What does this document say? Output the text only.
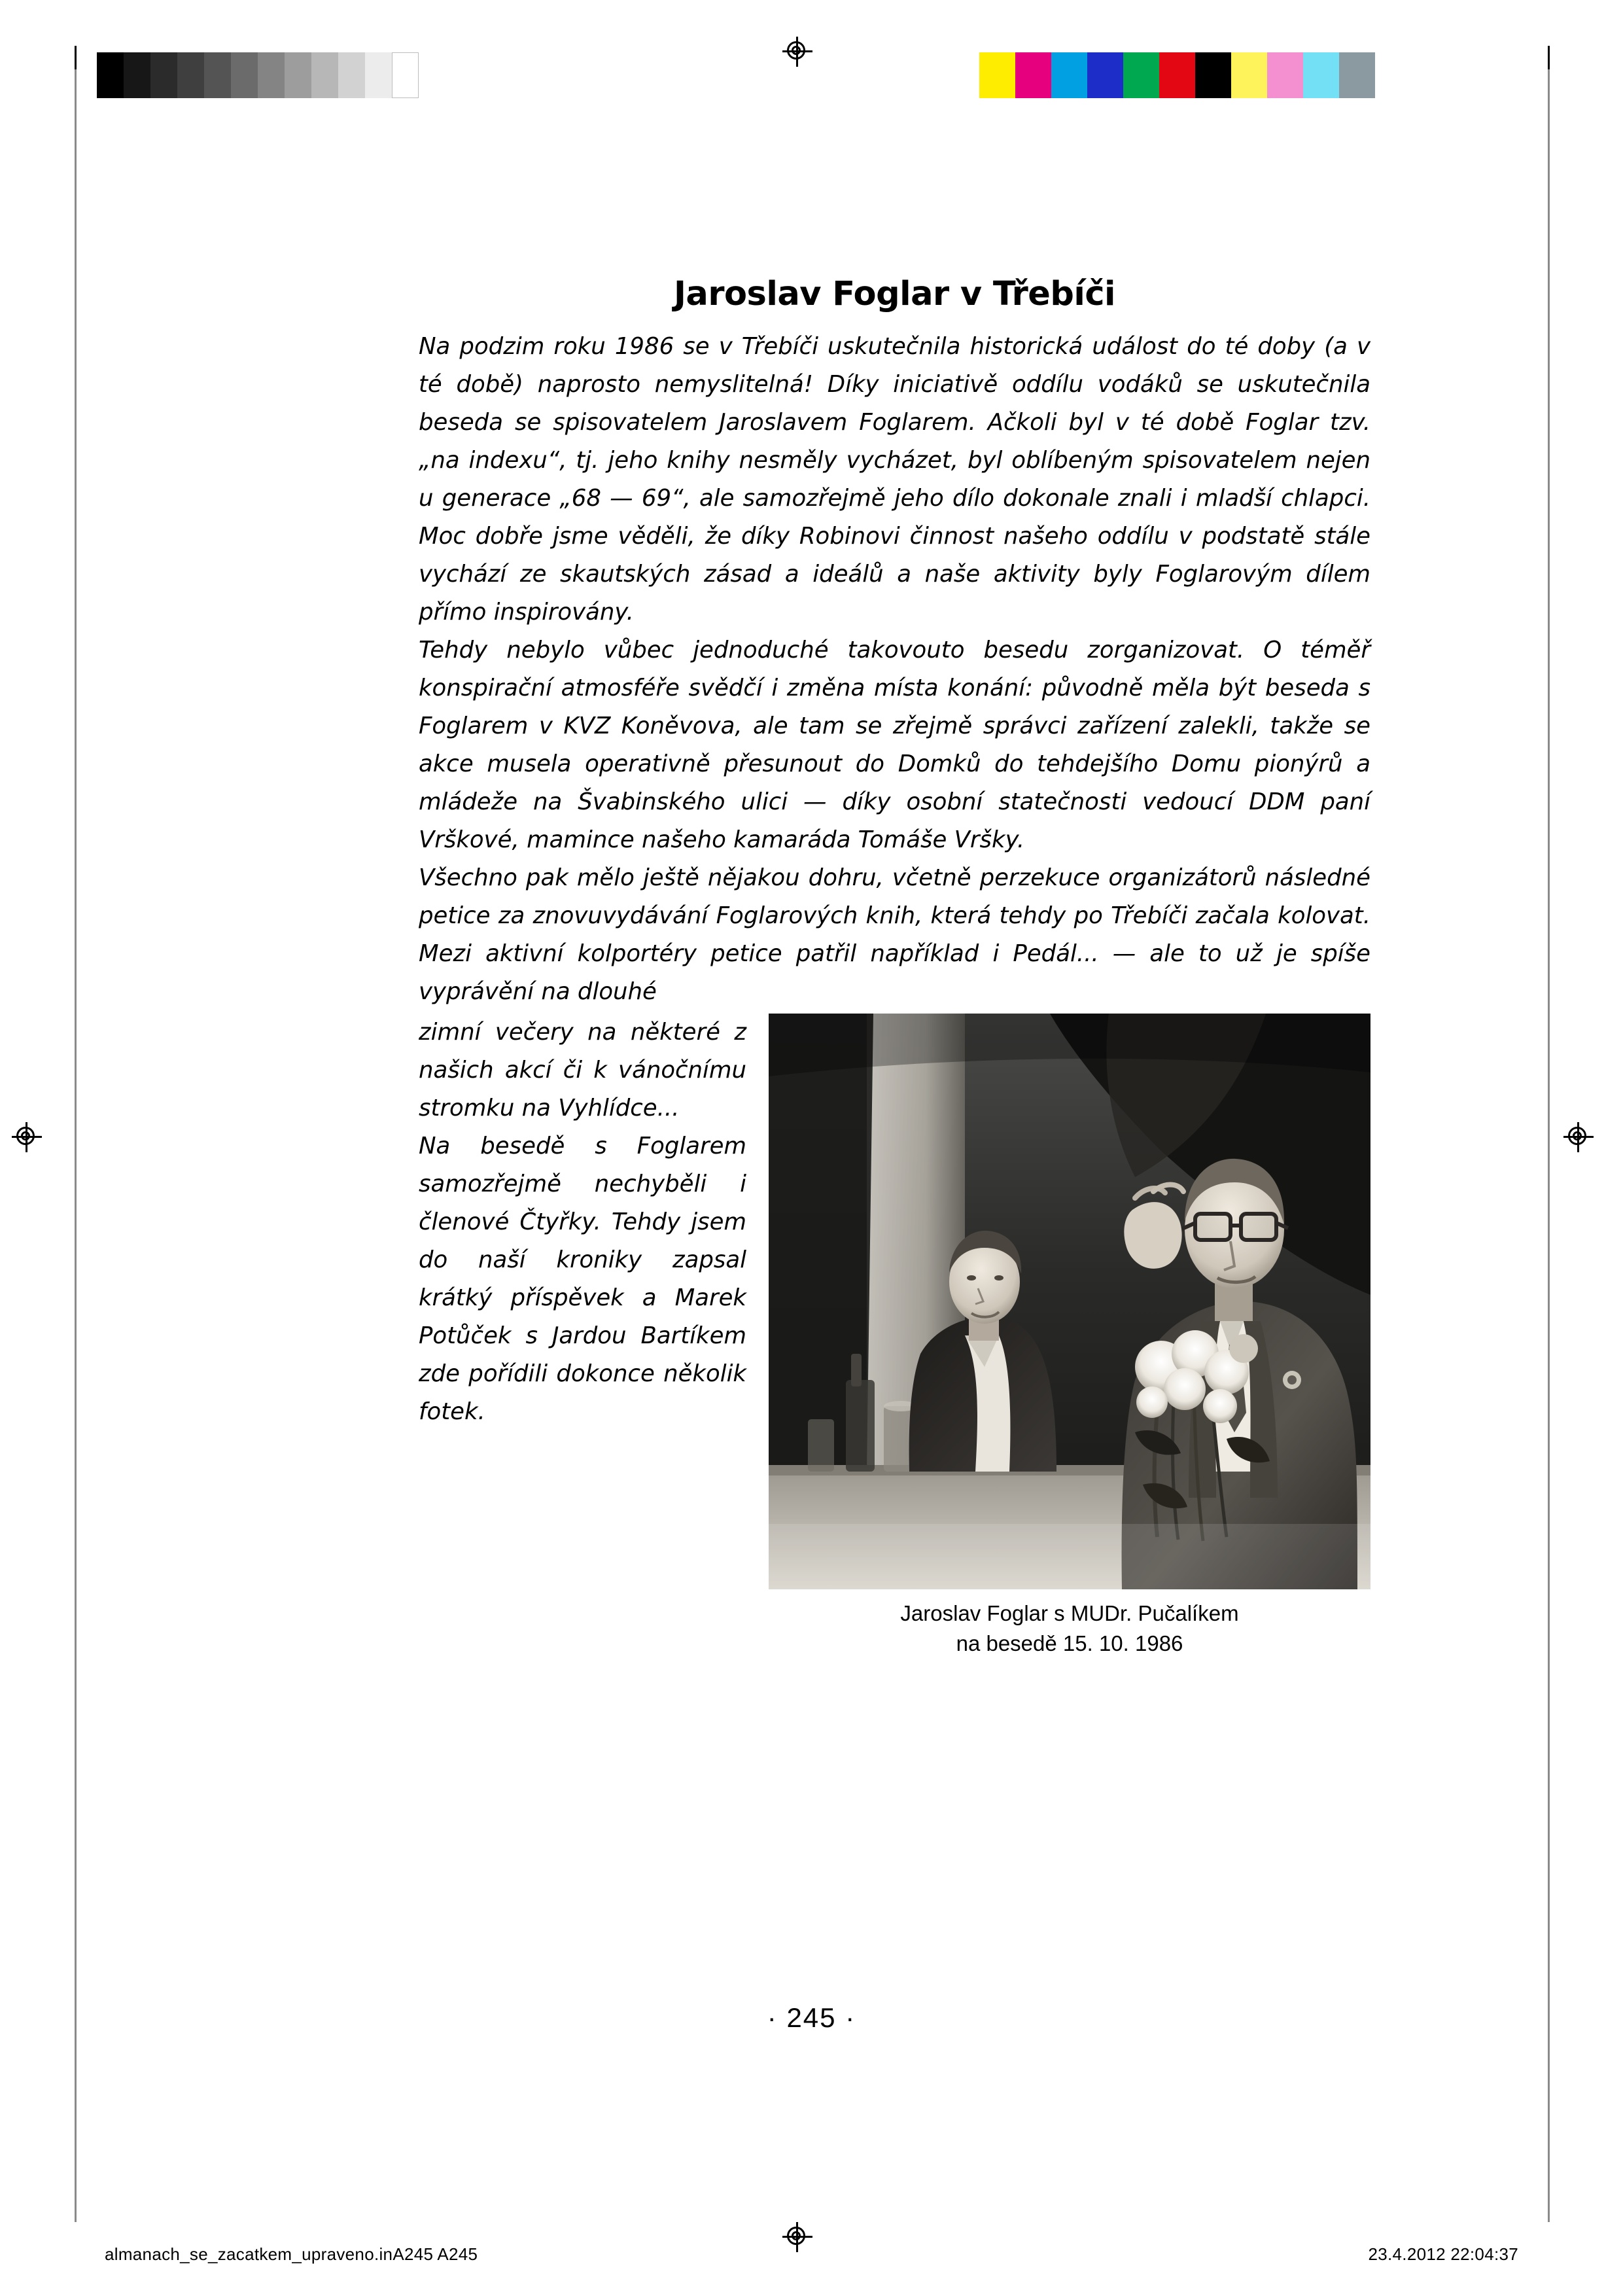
Jaroslav Foglar v Třebíči

Na podzim roku 1986 se v Třebíči uskutečnila historická událost do té doby (a v té době) naprosto nemyslitelná! Díky iniciativě oddílu vodáků se uskutečnila beseda se spisovatelem Jaroslavem Foglarem. Ačkoli byl v té době Foglar tzv. „na indexu“, tj. jeho knihy nesměly vycházet, byl oblíbeným spisovatelem nejen u generace „68 — 69“, ale samozřejmě jeho dílo dokonale znali i mladší chlapci. Moc dobře jsme věděli, že díky Robinovi činnost našeho oddílu v podstatě stále vychází ze skautských zásad a ideálů a naše aktivity byly Foglarovým dílem přímo inspirovány.

Tehdy nebylo vůbec jednoduché takovouto besedu zorganizovat. O téměř konspirační atmosféře svědčí i změna místa konání: původně měla být beseda s Foglarem v KVZ Koněvova, ale tam se zřejmě správci zařízení zalekli, takže se akce musela operativně přesunout do Domků do tehdejšího Domu pionýrů a mládeže na Švabinského ulici — díky osobní statečnosti vedoucí DDM paní Vrškové, mamince našeho kamaráda Tomáše Vršky.

Všechno pak mělo ještě nějakou dohru, včetně perzekuce organizátorů následné petice za znovuvydávání Foglarových knih, která tehdy po Třebíči začala kolovat. Mezi aktivní kolportéry petice patřil například i Pedál... — ale to už je spíše vyprávění na dlouhé

Jaroslav Foglar s MUDr. Pučalíkem
na besedě 15. 10. 1986

zimní večery na některé z našich akcí či k vánočnímu stromku na Vyhlídce...

Na besedě s Foglarem samozřejmě nechyběli i členové Čtyřky. Tehdy jsem do naší kroniky zapsal krátký příspěvek a Marek Potůček s Jardou Bartíkem zde pořídili dokonce několik fotek.

· 245 ·
almanach_se_zacatkem_upraveno.inA245 A245	23.4.2012 22:04:37
